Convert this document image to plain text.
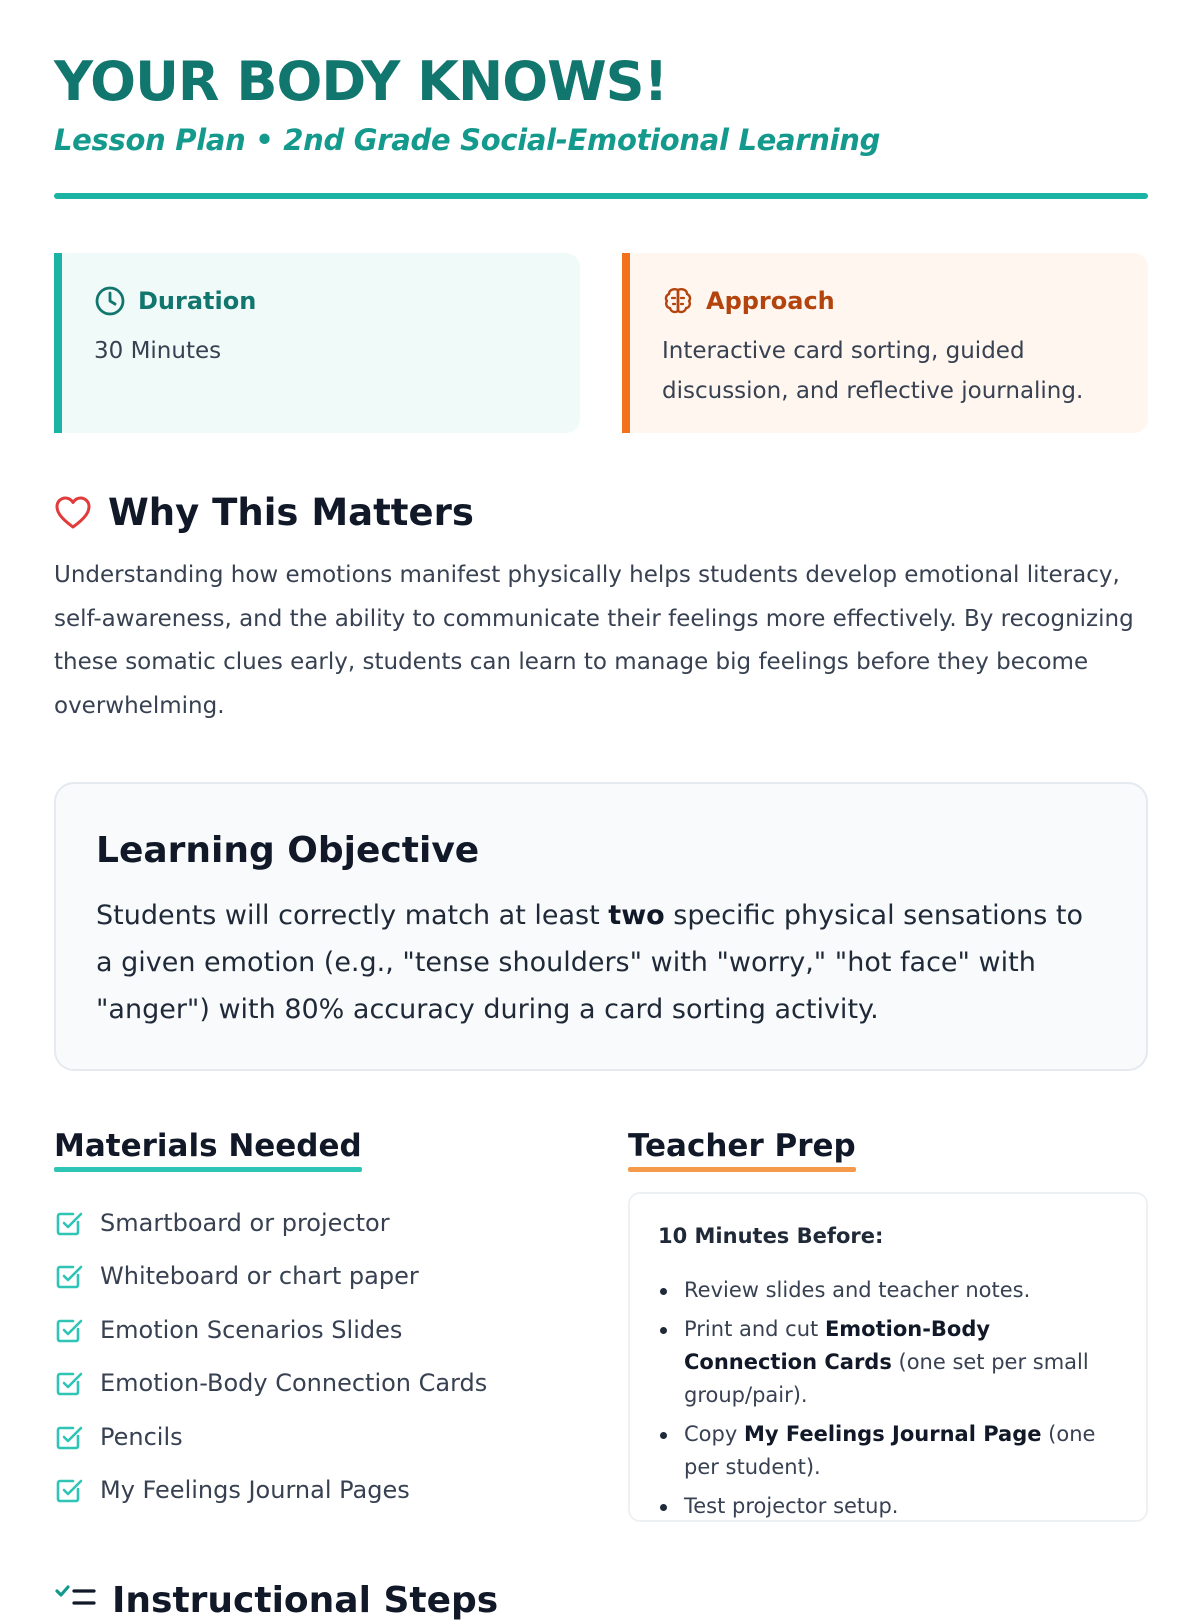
YOUR BODY KNOWS!
Lesson Plan • 2nd Grade Social-Emotional Learning
Duration
30 Minutes
Approach
Interactive card sorting, guided discussion, and reflective journaling.
Why This Matters

Understanding how emotions manifest physically helps students develop emotional literacy, self-awareness, and the ability to communicate their feelings more effectively. By recognizing these somatic clues early, students can learn to manage big feelings before they become overwhelming.

Learning Objective

Students will correctly match at least two specific physical sensations to a given emotion (e.g., "tense shoulders" with "worry," "hot face" with "anger") with 80% accuracy during a card sorting activity.

Materials Needed
Smartboard or projector
Whiteboard or chart paper
Emotion Scenarios Slides
Emotion-Body Connection Cards
Pencils
My Feelings Journal Pages
Teacher Prep
10 Minutes Before:
Review slides and teacher notes.
Print and cut Emotion-Body Connection Cards (one set per small group/pair).
Copy My Feelings Journal Page (one per student).
Test projector setup.
Instructional Steps
